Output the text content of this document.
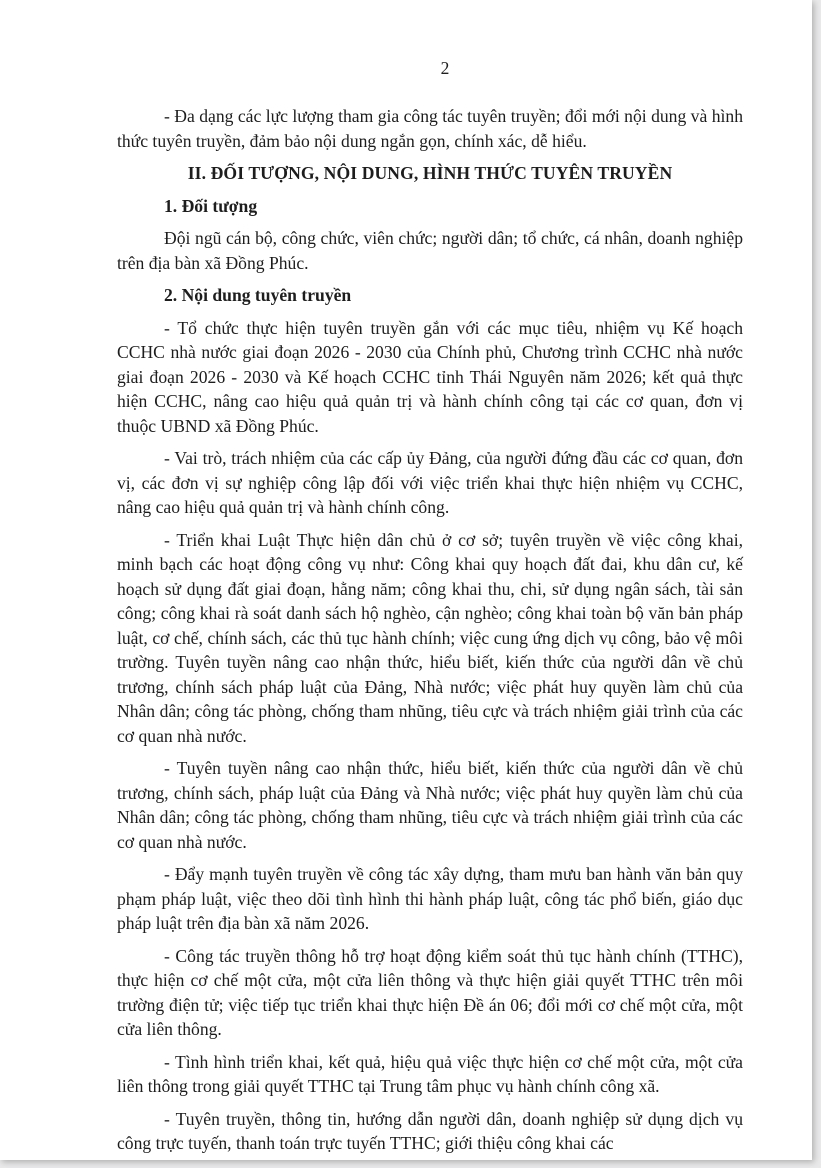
2

- Đa dạng các lực lượng tham gia công tác tuyên truyền; đổi mới nội dung và hình thức tuyên truyền, đảm bảo nội dung ngắn gọn, chính xác, dễ hiểu.

II. ĐỐI TƯỢNG, NỘI DUNG, HÌNH THỨC TUYÊN TRUYỀN

1. Đối tượng

Đội ngũ cán bộ, công chức, viên chức; người dân; tổ chức, cá nhân, doanh nghiệp trên địa bàn xã Đồng Phúc.

2. Nội dung tuyên truyền

- Tổ chức thực hiện tuyên truyền gắn với các mục tiêu, nhiệm vụ Kế hoạch CCHC nhà nước giai đoạn 2026 - 2030 của Chính phủ, Chương trình CCHC nhà nước giai đoạn 2026 - 2030 và Kế hoạch CCHC tỉnh Thái Nguyên năm 2026; kết quả thực hiện CCHC, nâng cao hiệu quả quản trị và hành chính công tại các cơ quan, đơn vị thuộc UBND xã Đồng Phúc.

- Vai trò, trách nhiệm của các cấp ủy Đảng, của người đứng đầu các cơ quan, đơn vị, các đơn vị sự nghiệp công lập đối với việc triển khai thực hiện nhiệm vụ CCHC, nâng cao hiệu quả quản trị và hành chính công.

- Triển khai Luật Thực hiện dân chủ ở cơ sở; tuyên truyền về việc công khai, minh bạch các hoạt động công vụ như: Công khai quy hoạch đất đai, khu dân cư, kế hoạch sử dụng đất giai đoạn, hằng năm; công khai thu, chi, sử dụng ngân sách, tài sản công; công khai rà soát danh sách hộ nghèo, cận nghèo; công khai toàn bộ văn bản pháp luật, cơ chế, chính sách, các thủ tục hành chính; việc cung ứng dịch vụ công, bảo vệ môi trường. Tuyên tuyền nâng cao nhận thức, hiểu biết, kiến thức của người dân về chủ trương, chính sách pháp luật của Đảng, Nhà nước; việc phát huy quyền làm chủ của Nhân dân; công tác phòng, chống tham nhũng, tiêu cực và trách nhiệm giải trình của các cơ quan nhà nước.

- Tuyên tuyền nâng cao nhận thức, hiểu biết, kiến thức của người dân về chủ trương, chính sách, pháp luật của Đảng và Nhà nước; việc phát huy quyền làm chủ của Nhân dân; công tác phòng, chống tham nhũng, tiêu cực và trách nhiệm giải trình của các cơ quan nhà nước.

- Đẩy mạnh tuyên truyền về công tác xây dựng, tham mưu ban hành văn bản quy phạm pháp luật, việc theo dõi tình hình thi hành pháp luật, công tác phổ biến, giáo dục pháp luật trên địa bàn xã năm 2026.

- Công tác truyền thông hỗ trợ hoạt động kiểm soát thủ tục hành chính (TTHC), thực hiện cơ chế một cửa, một cửa liên thông và thực hiện giải quyết TTHC trên môi trường điện tử; việc tiếp tục triển khai thực hiện Đề án 06; đổi mới cơ chế một cửa, một cửa liên thông.

- Tình hình triển khai, kết quả, hiệu quả việc thực hiện cơ chế một cửa, một cửa liên thông trong giải quyết TTHC tại Trung tâm phục vụ hành chính công xã.

- Tuyên truyền, thông tin, hướng dẫn người dân, doanh nghiệp sử dụng dịch vụ công trực tuyến, thanh toán trực tuyến TTHC; giới thiệu công khai các
